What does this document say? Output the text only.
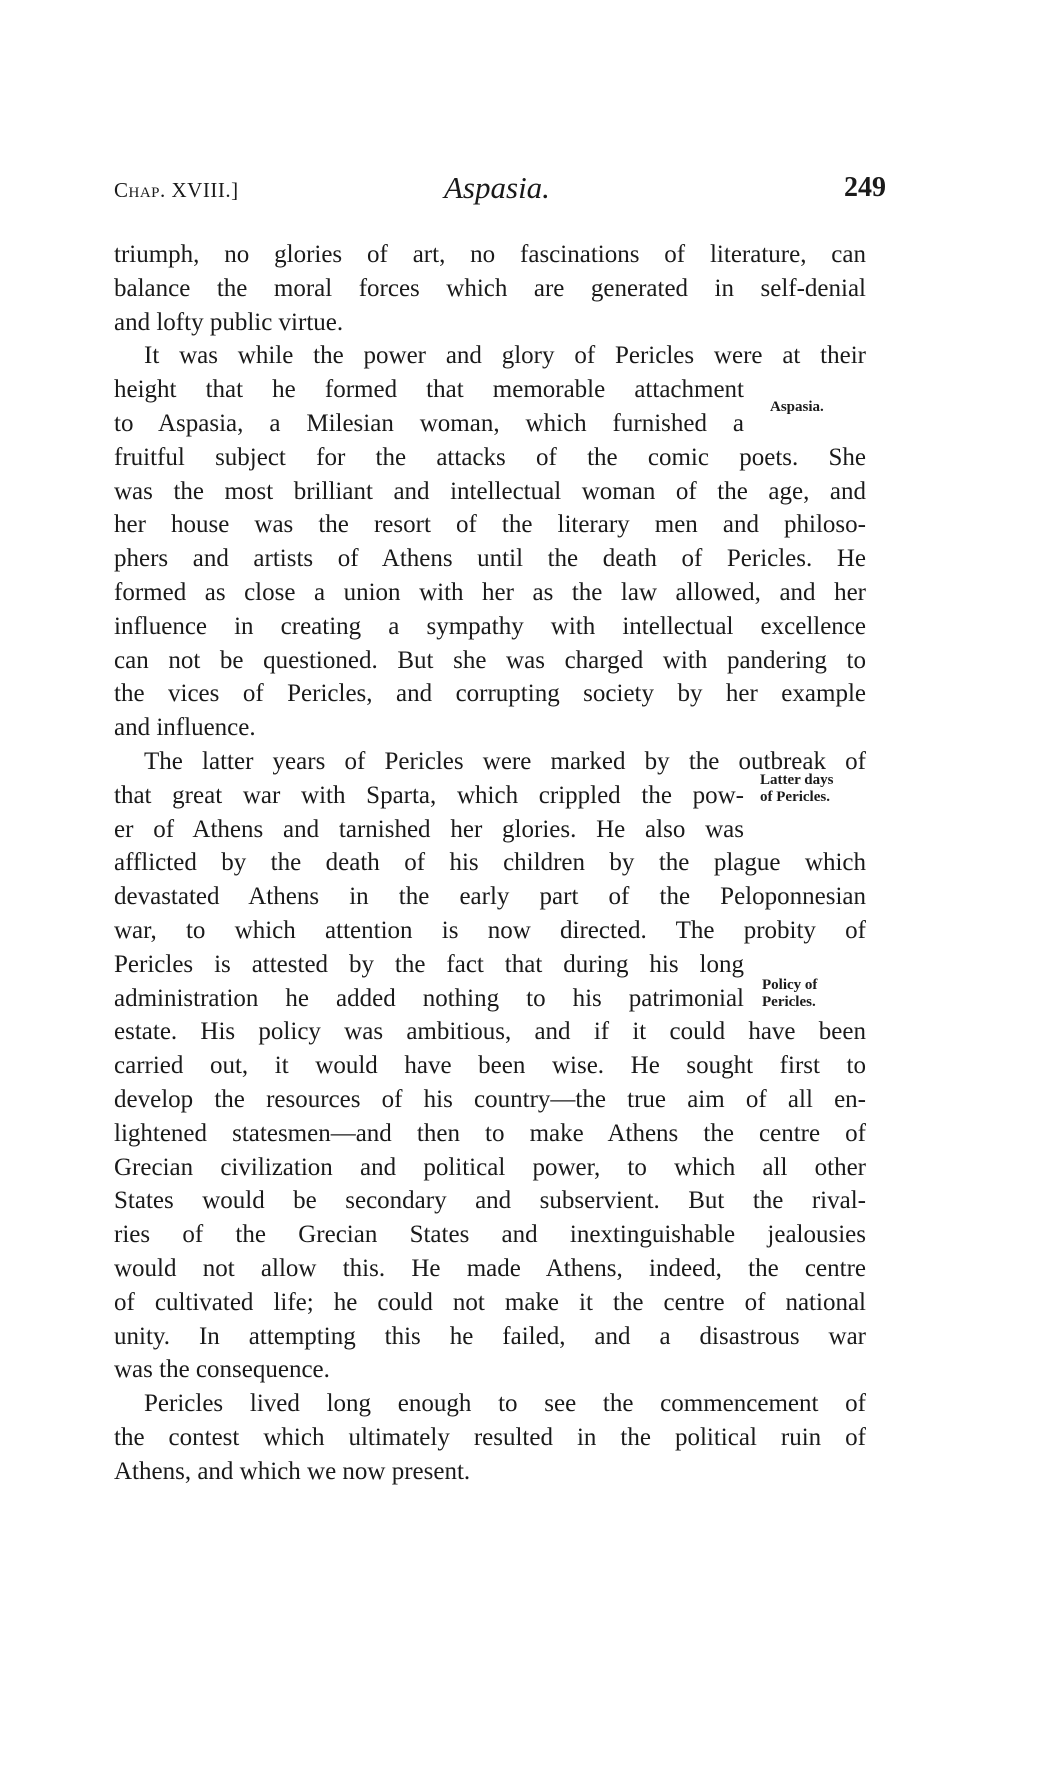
Chap. XVIII.]	Aspasia.	249
triumph, no glories of art, no fascinations of literature, can
balance the moral forces which are generated in self-denial
and lofty public virtue.
It was while the power and glory of Pericles were at their
height that he formed that memorable attachment
to Aspasia, a Milesian woman, which furnished a
fruitful subject for the attacks of the comic poets. She
was the most brilliant and intellectual woman of the age, and
her house was the resort of the literary men and philoso-
phers and artists of Athens until the death of Pericles. He
formed as close a union with her as the law allowed, and her
influence in creating a sympathy with intellectual excellence
can not be questioned. But she was charged with pandering to
the vices of Pericles, and corrupting society by her example
and influence.
The latter years of Pericles were marked by the outbreak of
that great war with Sparta, which crippled the pow-
er of Athens and tarnished her glories. He also was
afflicted by the death of his children by the plague which
devastated Athens in the early part of the Peloponnesian
war, to which attention is now directed. The probity of
Pericles is attested by the fact that during his long
administration he added nothing to his patrimonial
estate. His policy was ambitious, and if it could have been
carried out, it would have been wise. He sought first to
develop the resources of his country—the true aim of all en-
lightened statesmen—and then to make Athens the centre of
Grecian civilization and political power, to which all other
States would be secondary and subservient. But the rival-
ries of the Grecian States and inextinguishable jealousies
would not allow this. He made Athens, indeed, the centre
of cultivated life; he could not make it the centre of national
unity. In attempting this he failed, and a disastrous war
was the consequence.
Pericles lived long enough to see the commencement of
the contest which ultimately resulted in the political ruin of
Athens, and which we now present.
Aspasia.
Latter days
of Pericles.
Policy of
Pericles.
